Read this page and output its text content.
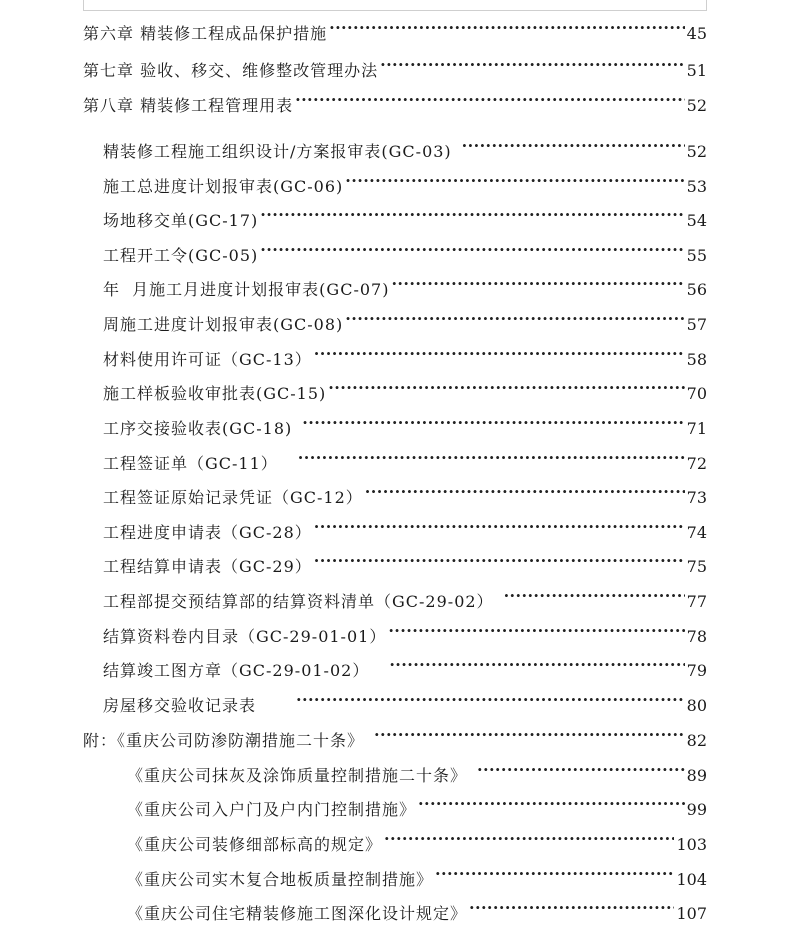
第六章 精装修工程成品保护措施 ·····	45
第七章 验收、移交、维修整改管理办法 ·····	51
第八章 精装修工程管理用表 ·····	52
精装修工程施工组织设计/方案报审表(GC-03) ·····	52
施工总进度计划报审表(GC-06) ·····	53
场地移交单(GC-17) ·····	54
工程开工令(GC-05) ·····	55
年  月施工月进度计划报审表(GC-07) ·····	56
周施工进度计划报审表(GC-08) ·····	57
材料使用许可证（GC-13） ·····	58
施工样板验收审批表(GC-15) ·····	70
工序交接验收表(GC-18) ·····	71
工程签证单（GC-11） ·····	72
工程签证原始记录凭证（GC-12） ·····	73
工程进度申请表（GC-28） ·····	74
工程结算申请表（GC-29） ·····	75
工程部提交预结算部的结算资料清单（GC-29-02） ·····	77
结算资料卷内目录（GC-29-01-01） ·····	78
结算竣工图方章（GC-29-01-02） ·····	79
房屋移交验收记录表 ·····	80
附：《重庆公司防渗防潮措施二十条》 ·····	82
《重庆公司抹灰及涂饰质量控制措施二十条》 ·····	89
《重庆公司入户门及户内门控制措施》 ·····	99
《重庆公司装修细部标高的规定》 ·····	103
《重庆公司实木复合地板质量控制措施》 ·····	104
《重庆公司住宅精装修施工图深化设计规定》 ·····	107
